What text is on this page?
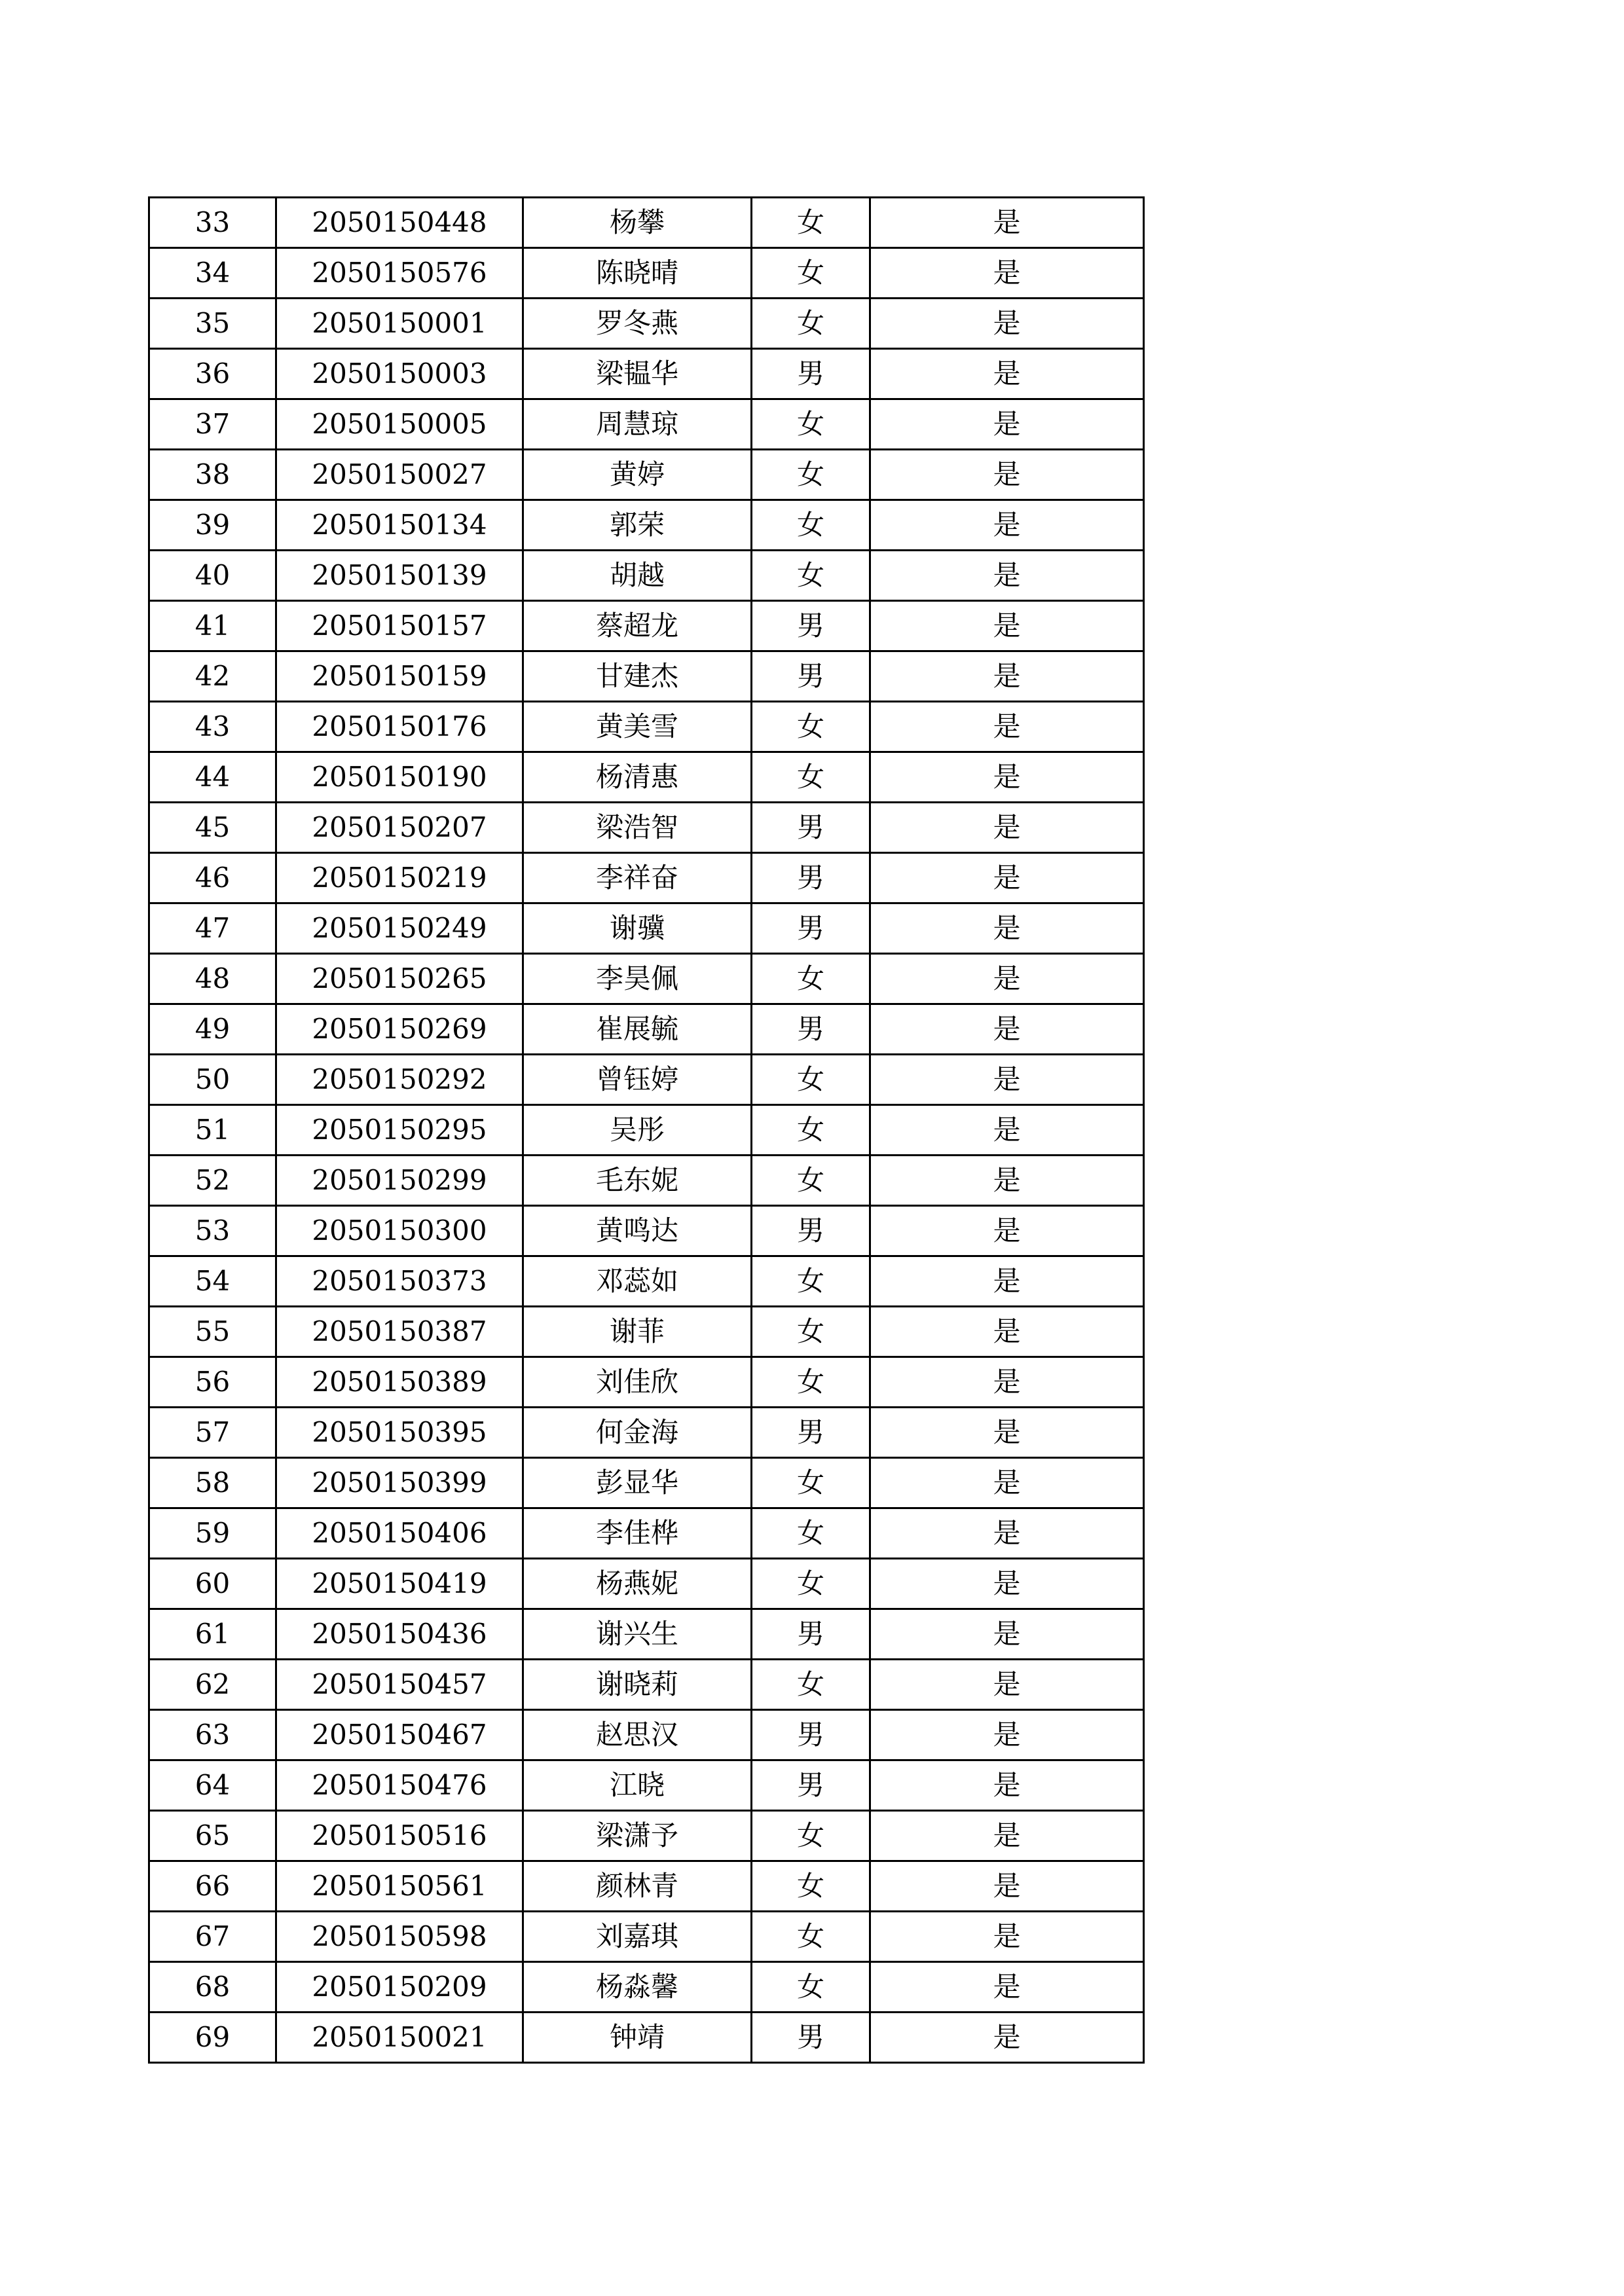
33	2050150448	杨攀	女	是
34	2050150576	陈晓晴	女	是
35	2050150001	罗冬燕	女	是
36	2050150003	梁韫华	男	是
37	2050150005	周慧琼	女	是
38	2050150027	黄婷	女	是
39	2050150134	郭荣	女	是
40	2050150139	胡越	女	是
41	2050150157	蔡超龙	男	是
42	2050150159	甘建杰	男	是
43	2050150176	黄美雪	女	是
44	2050150190	杨清惠	女	是
45	2050150207	梁浩智	男	是
46	2050150219	李祥奋	男	是
47	2050150249	谢骥	男	是
48	2050150265	李昊佩	女	是
49	2050150269	崔展毓	男	是
50	2050150292	曾钰婷	女	是
51	2050150295	吴彤	女	是
52	2050150299	毛东妮	女	是
53	2050150300	黄鸣达	男	是
54	2050150373	邓蕊如	女	是
55	2050150387	谢菲	女	是
56	2050150389	刘佳欣	女	是
57	2050150395	何金海	男	是
58	2050150399	彭显华	女	是
59	2050150406	李佳桦	女	是
60	2050150419	杨燕妮	女	是
61	2050150436	谢兴生	男	是
62	2050150457	谢晓莉	女	是
63	2050150467	赵思汉	男	是
64	2050150476	江晓	男	是
65	2050150516	梁潇予	女	是
66	2050150561	颜林青	女	是
67	2050150598	刘嘉琪	女	是
68	2050150209	杨淼馨	女	是
69	2050150021	钟靖	男	是
